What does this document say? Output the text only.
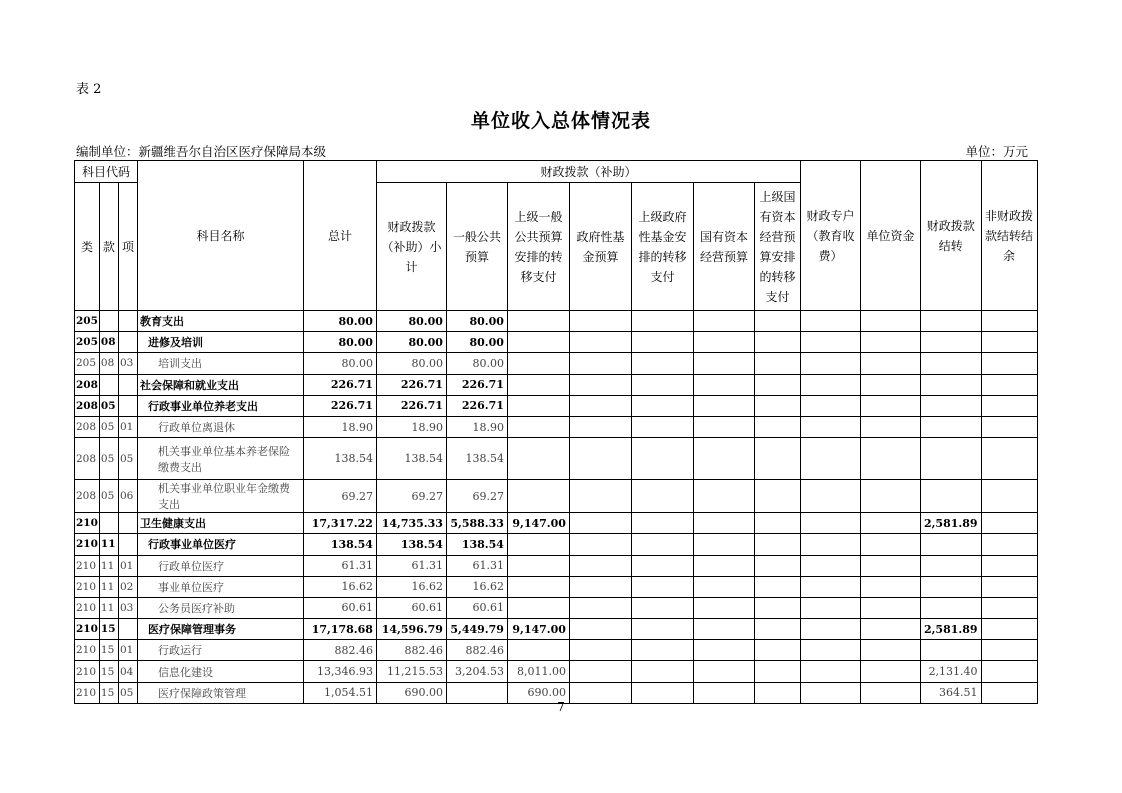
表 2
单位收入总体情况表
编制单位：新疆维吾尔自治区医疗保障局本级	单位：万元
科目代码			科目名称	总计	财政拨款（补助）							财政专户（教育收费）	单位资金	财政拨款结转	非财政拨款结转结余
类	款	项			财政拨款（补助）小计	一般公共预算	上级一般公共预算安排的转移支付	政府性基金预算	上级政府性基金安排的转移支付	国有资本经营预算	上级国有资本经营预算安排的转移支付				
205			教育支出	80.00	80.00	80.00									
205	08		进修及培训	80.00	80.00	80.00									
205	08	03	培训支出	80.00	80.00	80.00									
208			社会保障和就业支出	226.71	226.71	226.71									
208	05		行政事业单位养老支出	226.71	226.71	226.71									
208	05	01	行政单位离退休	18.90	18.90	18.90									
208	05	05	机关事业单位基本养老保险缴费支出	138.54	138.54	138.54									
208	05	06	机关事业单位职业年金缴费支出	69.27	69.27	69.27									
210			卫生健康支出	17,317.22	14,735.33	5,588.33	9,147.00							2,581.89	
210	11		行政事业单位医疗	138.54	138.54	138.54									
210	11	01	行政单位医疗	61.31	61.31	61.31									
210	11	02	事业单位医疗	16.62	16.62	16.62									
210	11	03	公务员医疗补助	60.61	60.61	60.61									
210	15		医疗保障管理事务	17,178.68	14,596.79	5,449.79	9,147.00							2,581.89	
210	15	01	行政运行	882.46	882.46	882.46									
210	15	04	信息化建设	13,346.93	11,215.53	3,204.53	8,011.00							2,131.40	
210	15	05	医疗保障政策管理	1,054.51	690.00		690.00							364.51	
7
